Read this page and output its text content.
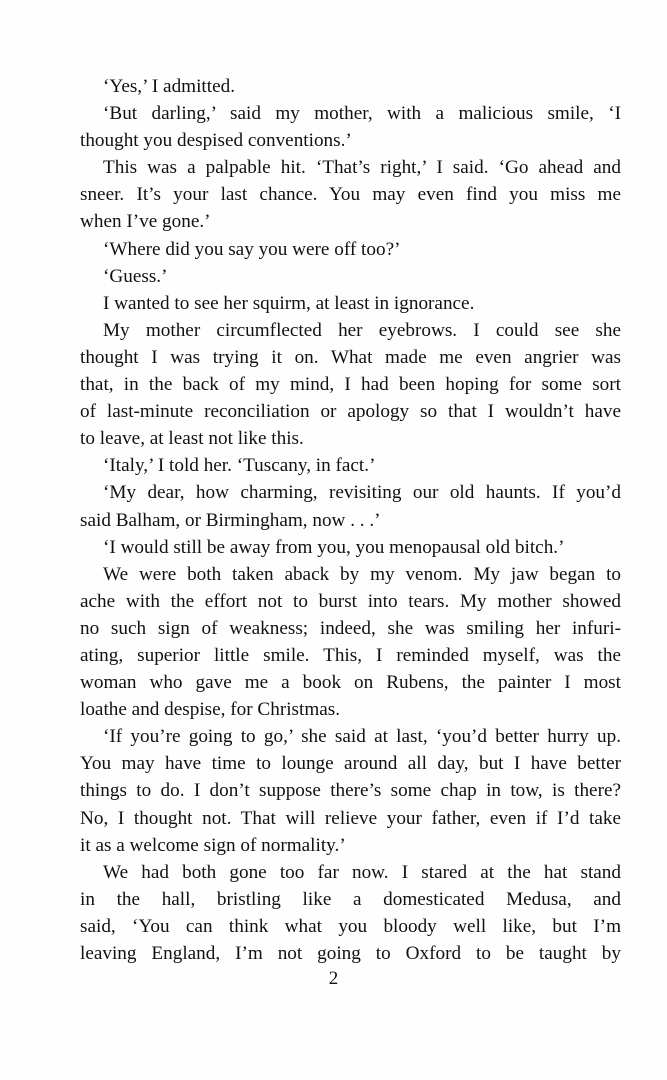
‘Yes,’ I admitted.
‘But darling,’ said my mother, with a malicious smile, ‘I
thought you despised conventions.’
This was a palpable hit. ‘That’s right,’ I said. ‘Go ahead and
sneer. It’s your last chance. You may even find you miss me
when I’ve gone.’
‘Where did you say you were off too?’
‘Guess.’
I wanted to see her squirm, at least in ignorance.
My mother circumflected her eyebrows. I could see she
thought I was trying it on. What made me even angrier was
that, in the back of my mind, I had been hoping for some sort
of last-minute reconciliation or apology so that I wouldn’t have
to leave, at least not like this.
‘Italy,’ I told her. ‘Tuscany, in fact.’
‘My dear, how charming, revisiting our old haunts. If you’d
said Balham, or Birmingham, now . . .’
‘I would still be away from you, you menopausal old bitch.’
We were both taken aback by my venom. My jaw began to
ache with the effort not to burst into tears. My mother showed
no such sign of weakness; indeed, she was smiling her infuri-
ating, superior little smile. This, I reminded myself, was the
woman who gave me a book on Rubens, the painter I most
loathe and despise, for Christmas.
‘If you’re going to go,’ she said at last, ‘you’d better hurry up.
You may have time to lounge around all day, but I have better
things to do. I don’t suppose there’s some chap in tow, is there?
No, I thought not. That will relieve your father, even if I’d take
it as a welcome sign of normality.’
We had both gone too far now. I stared at the hat stand
in the hall, bristling like a domesticated Medusa, and
said, ‘You can think what you bloody well like, but I’m
leaving England, I’m not going to Oxford to be taught by
2
